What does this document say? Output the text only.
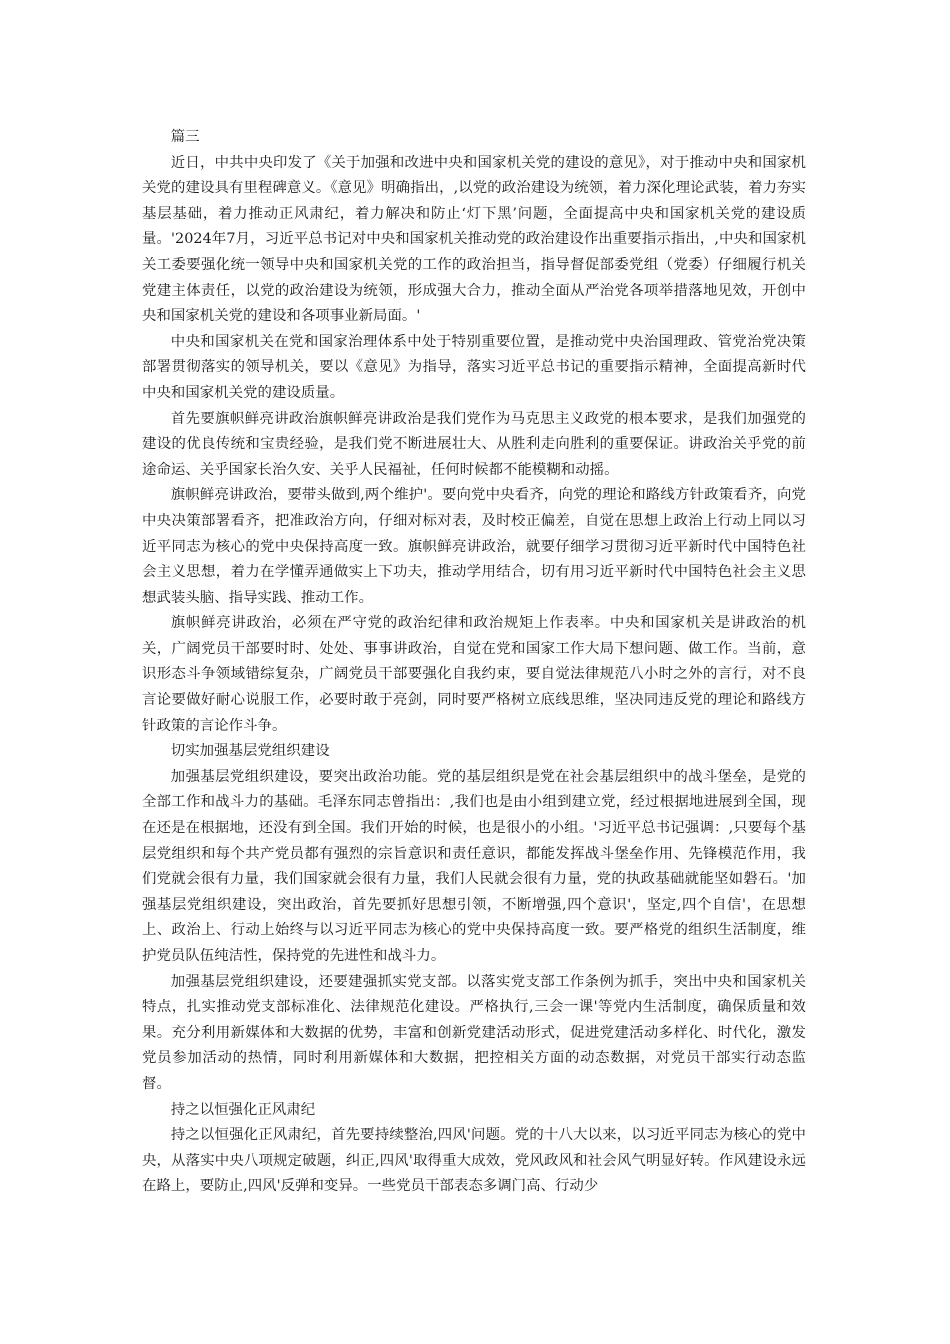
篇三

近日，中共中央印发了《关于加强和改进中央和国家机关党的建设的意见》，对于推动中央和国家机关党的建设具有里程碑意义。《意见》明确指出，,以党的政治建设为统领，着力深化理论武装，着力夯实基层基础，着力推动正风肃纪，着力解决和防止‘灯下黑’问题，全面提高中央和国家机关党的建设质量。'2024年7月，习近平总书记对中央和国家机关推动党的政治建设作出重要指示指出，,中央和国家机关工委要强化统一领导中央和国家机关党的工作的政治担当，指导督促部委党组（党委）仔细履行机关党建主体责任，以党的政治建设为统领，形成强大合力，推动全面从严治党各项举措落地见效，开创中央和国家机关党的建设和各项事业新局面。'

中央和国家机关在党和国家治理体系中处于特别重要位置，是推动党中央治国理政、管党治党决策部署贯彻落实的领导机关，要以《意见》为指导，落实习近平总书记的重要指示精神，全面提高新时代中央和国家机关党的建设质量。

首先要旗帜鲜亮讲政治旗帜鲜亮讲政治是我们党作为马克思主义政党的根本要求，是我们加强党的建设的优良传统和宝贵经验，是我们党不断进展壮大、从胜利走向胜利的重要保证。讲政治关乎党的前途命运、关乎国家长治久安、关乎人民福祉，任何时候都不能模糊和动摇。

旗帜鲜亮讲政治，要带头做到,两个维护'。要向党中央看齐，向党的理论和路线方针政策看齐，向党中央决策部署看齐，把准政治方向，仔细对标对表，及时校正偏差，自觉在思想上政治上行动上同以习近平同志为核心的党中央保持高度一致。旗帜鲜亮讲政治，就要仔细学习贯彻习近平新时代中国特色社会主义思想，着力在学懂弄通做实上下功夫，推动学用结合，切有用习近平新时代中国特色社会主义思想武装头脑、指导实践、推动工作。

旗帜鲜亮讲政治，必须在严守党的政治纪律和政治规矩上作表率。中央和国家机关是讲政治的机关，广阔党员干部要时时、处处、事事讲政治，自觉在党和国家工作大局下想问题、做工作。当前，意识形态斗争领域错综复杂，广阔党员干部要强化自我约束，要自觉法律规范八小时之外的言行，对不良言论要做好耐心说服工作，必要时敢于亮剑，同时要严格树立底线思维，坚决同违反党的理论和路线方针政策的言论作斗争。

切实加强基层党组织建设

加强基层党组织建设，要突出政治功能。党的基层组织是党在社会基层组织中的战斗堡垒，是党的全部工作和战斗力的基础。毛泽东同志曾指出：,我们也是由小组到建立党，经过根据地进展到全国，现在还是在根据地，还没有到全国。我们开始的时候，也是很小的小组。'习近平总书记强调：,只要每个基层党组织和每个共产党员都有强烈的宗旨意识和责任意识，都能发挥战斗堡垒作用、先锋模范作用，我们党就会很有力量，我们国家就会很有力量，我们人民就会很有力量，党的执政基础就能坚如磐石。'加强基层党组织建设，突出政治，首先要抓好思想引领，不断增强,四个意识'，坚定,四个自信'，在思想上、政治上、行动上始终与以习近平同志为核心的党中央保持高度一致。要严格党的组织生活制度，维护党员队伍纯洁性，保持党的先进性和战斗力。

加强基层党组织建设，还要建强抓实党支部。以落实党支部工作条例为抓手，突出中央和国家机关特点，扎实推动党支部标准化、法律规范化建设。严格执行,三会一课'等党内生活制度，确保质量和效果。充分利用新媒体和大数据的优势，丰富和创新党建活动形式，促进党建活动多样化、时代化，激发党员参加活动的热情，同时利用新媒体和大数据，把控相关方面的动态数据，对党员干部实行动态监督。

持之以恒强化正风肃纪

持之以恒强化正风肃纪，首先要持续整治,四风'问题。党的十八大以来，以习近平同志为核心的党中央，从落实中央八项规定破题，纠正,四风'取得重大成效，党风政风和社会风气明显好转。作风建设永远在路上，要防止,四风'反弹和变异。一些党员干部表态多调门高、行动少
